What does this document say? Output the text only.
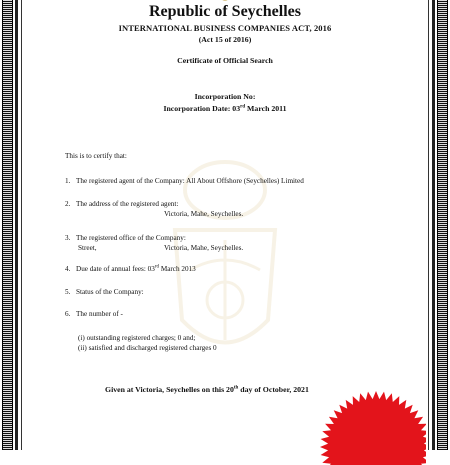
Republic of Seychelles
INTERNATIONAL BUSINESS COMPANIES ACT, 2016
(Act 15 of 2016)
Certificate of Official Search
Incorporation No:
Incorporation Date: 03rd March 2011
This is to certify that:
1. The registered agent of the Company: All About Offshore (Seychelles) Limited
2. The address of the registered agent:
Victoria, Mahe, Seychelles.
3. The registered office of the Company:
Street,	Victoria, Mahe, Seychelles.
4. Due date of annual fees: 03rd March 2013
5. Status of the Company:
6. The number of -
(i) outstanding registered charges; 0 and;
(ii) satisfied and discharged registered charges 0
Given at Victoria, Seychelles on this 20th day of October, 2021
